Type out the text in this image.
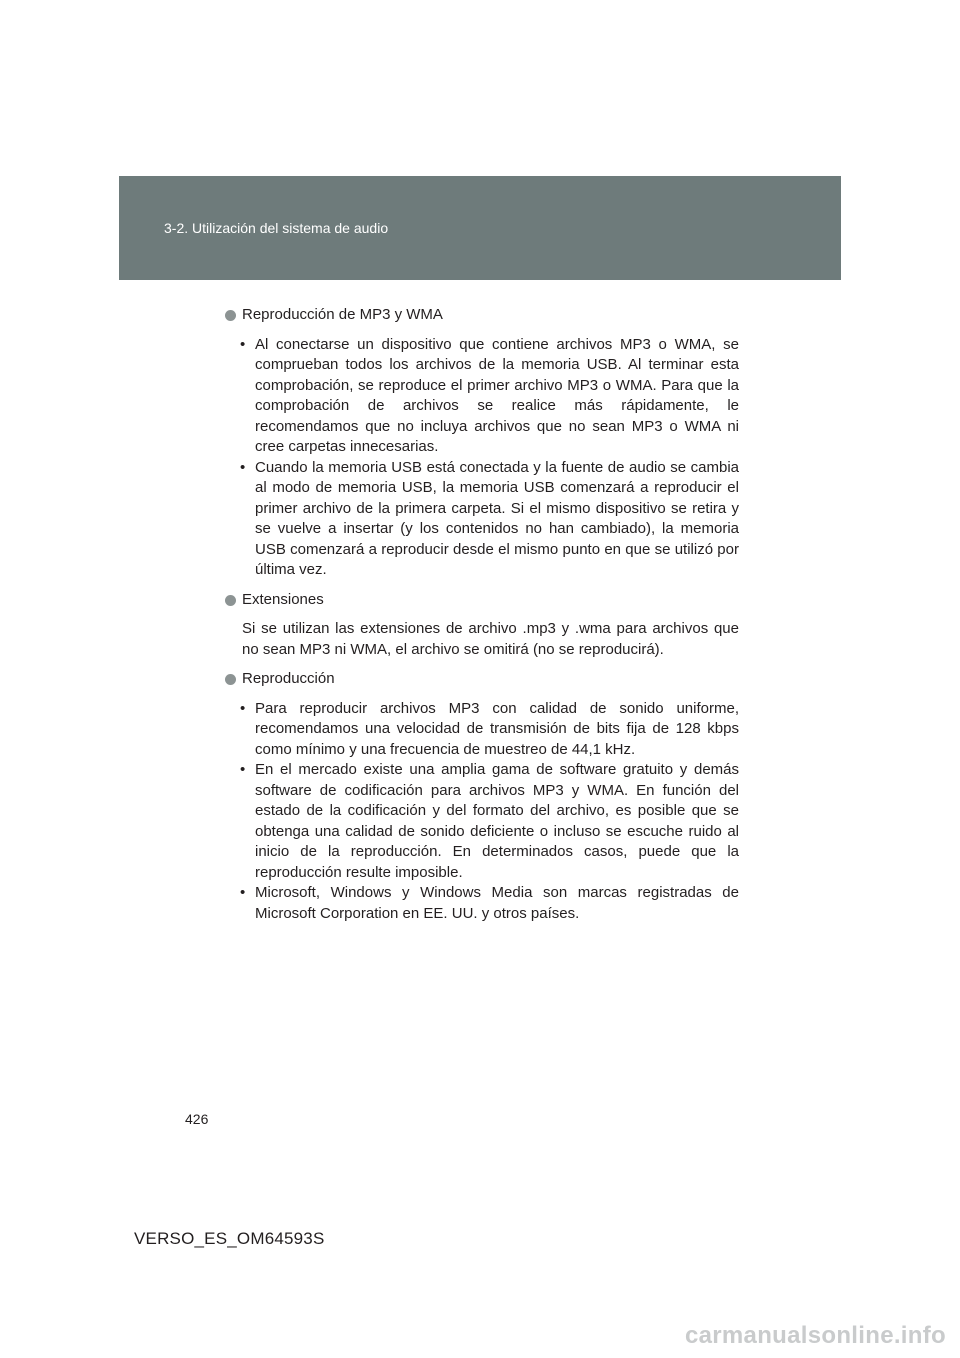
3-2. Utilización del sistema de audio
Reproducción de MP3 y WMA
• Al conectarse un dispositivo que contiene archivos MP3 o WMA, se comprueban todos los archivos de la memoria USB. Al terminar esta comprobación, se reproduce el primer archivo MP3 o WMA. Para que la comprobación de archivos se realice más rápidamente, le recomendamos que no incluya archivos que no sean MP3 o WMA ni cree carpetas innecesarias.
• Cuando la memoria USB está conectada y la fuente de audio se cambia al modo de memoria USB, la memoria USB comenzará a reproducir el primer archivo de la primera carpeta. Si el mismo dispositivo se retira y se vuelve a insertar (y los contenidos no han cambiado), la memoria USB comenzará a reproducir desde el mismo punto en que se utilizó por última vez.
Extensiones
Si se utilizan las extensiones de archivo .mp3 y .wma para archivos que no sean MP3 ni WMA, el archivo se omitirá (no se reproducirá).
Reproducción
• Para reproducir archivos MP3 con calidad de sonido uniforme, recomendamos una velocidad de transmisión de bits fija de 128 kbps como mínimo y una frecuencia de muestreo de 44,1 kHz.
• En el mercado existe una amplia gama de software gratuito y demás software de codificación para archivos MP3 y WMA. En función del estado de la codificación y del formato del archivo, es posible que se obtenga una calidad de sonido deficiente o incluso se escuche ruido al inicio de la reproducción. En determinados casos, puede que la reproducción resulte imposible.
• Microsoft, Windows y Windows Media son marcas registradas de Microsoft Corporation en EE. UU. y otros países.
426
VERSO_ES_OM64593S
carmanualsonline.info
